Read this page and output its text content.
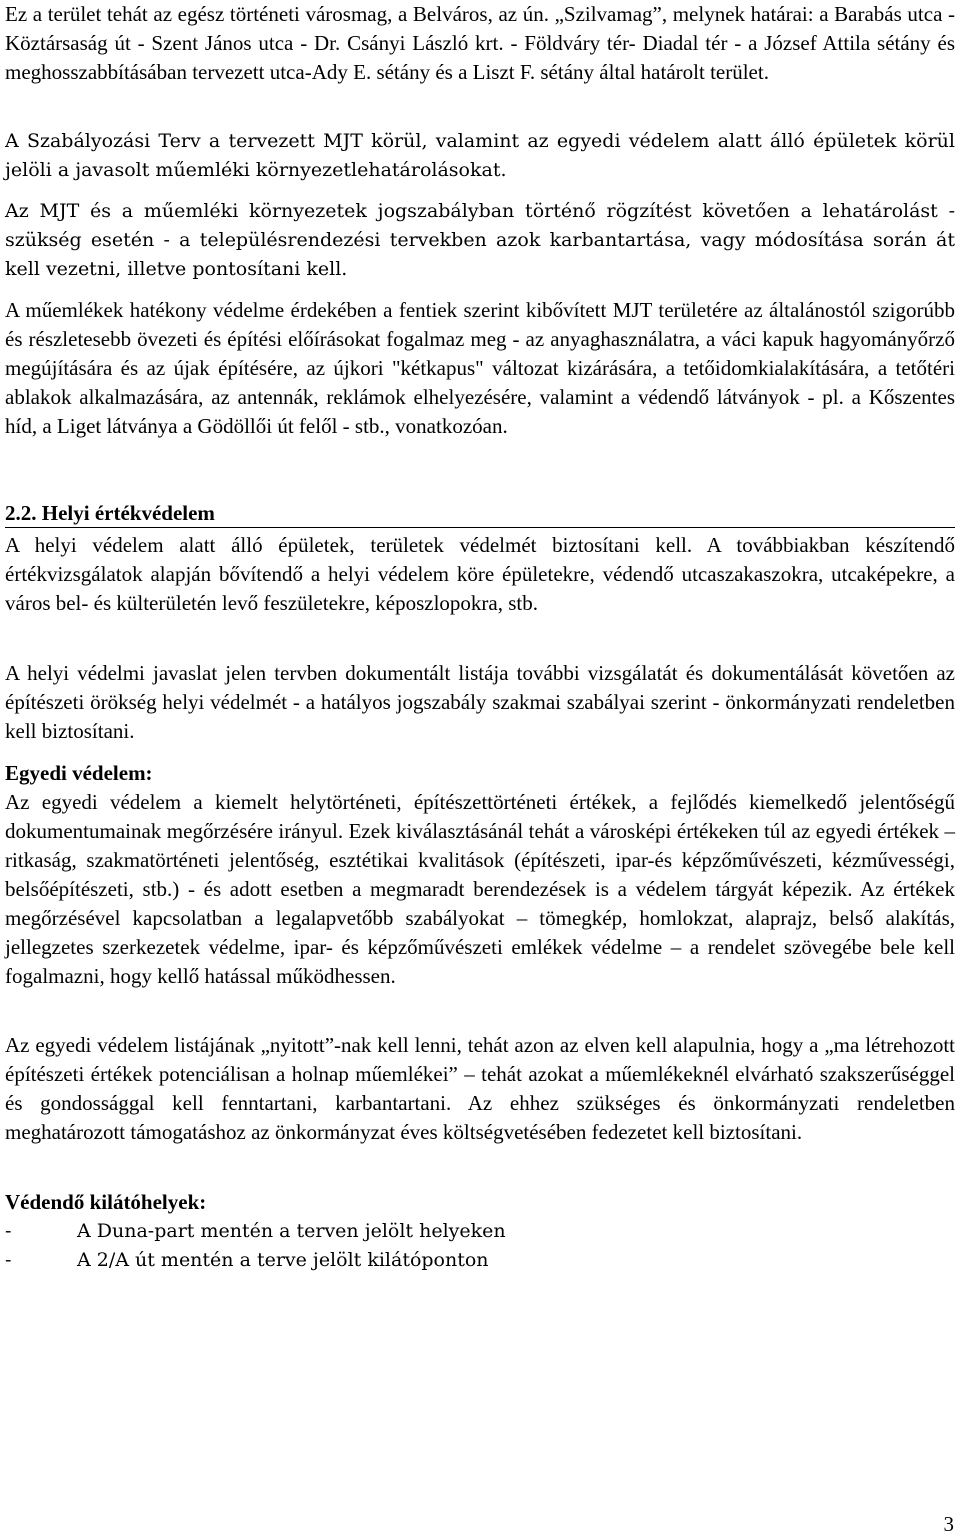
Ez a terület tehát az egész történeti városmag, a Belváros, az ún. „Szilvamag”, melynek határai: a Barabás utca - Köztársaság út - Szent János utca - Dr. Csányi László krt. - Földváry tér- Diadal tér - a József Attila sétány és meghosszabbításában tervezett utca-Ady E. sétány és a Liszt F. sétány által határolt terület.

A Szabályozási Terv a tervezett MJT körül, valamint az egyedi védelem alatt álló épületek körül jelöli a javasolt műemléki környezetlehatárolásokat.

Az MJT és a műemléki környezetek jogszabályban történő rögzítést követően a lehatárolást - szükség esetén - a településrendezési tervekben azok karbantartása, vagy módosítása során át kell vezetni, illetve pontosítani kell.

A műemlékek hatékony védelme érdekében a fentiek szerint kibővített MJT területére az általánostól szigorúbb és részletesebb övezeti és építési előírásokat fogalmaz meg - az anyaghasználatra, a váci kapuk hagyományőrző megújítására és az újak építésére, az újkori "kétkapus" változat kizárására, a tetőidomkialakítására, a tetőtéri ablakok alkalmazására, az antennák, reklámok elhelyezésére, valamint a védendő látványok - pl. a Kőszentes híd, a Liget látványa a Gödöllői út felől - stb., vonatkozóan.

2.2. Helyi értékvédelem

A helyi védelem alatt álló épületek, területek védelmét biztosítani kell. A továbbiakban készítendő értékvizsgálatok alapján bővítendő a helyi védelem köre épületekre, védendő utcaszakaszokra, utcaképekre, a város bel- és külterületén levő feszületekre, képoszlopokra, stb.

A helyi védelmi javaslat jelen tervben dokumentált listája további vizsgálatát és dokumentálását követően az építészeti örökség helyi védelmét - a hatályos jogszabály szakmai szabályai szerint - önkormányzati rendeletben kell biztosítani.

Egyedi védelem:

Az egyedi védelem a kiemelt helytörténeti, építészettörténeti értékek, a fejlődés kiemelkedő jelentőségű dokumentumainak megőrzésére irányul. Ezek kiválasztásánál tehát a városképi értékeken túl az egyedi értékek – ritkaság, szakmatörténeti jelentőség, esztétikai kvalitások (építészeti, ipar-és képzőművészeti, kézművességi, belsőépítészeti, stb.) - és adott esetben a megmaradt berendezések is a védelem tárgyát képezik. Az értékek megőrzésével kapcsolatban a legalapvetőbb szabályokat – tömegkép, homlokzat, alaprajz, belső alakítás, jellegzetes szerkezetek védelme, ipar- és képzőművészeti emlékek védelme – a rendelet szövegébe bele kell fogalmazni, hogy kellő hatással működhessen.

Az egyedi védelem listájának „nyitott”-nak kell lenni, tehát azon az elven kell alapulnia, hogy a „ma létrehozott építészeti értékek potenciálisan a holnap műemlékei” – tehát azokat a műemlékeknél elvárható szakszerűséggel és gondossággal kell fenntartani, karbantartani. Az ehhez szükséges és önkormányzati rendeletben meghatározott támogatáshoz az önkormányzat éves költségvetésében fedezetet kell biztosítani.

Védendő kilátóhelyek:
-	A Duna-part mentén a terven jelölt helyeken
-	A 2/A út mentén a terve jelölt kilátóponton
3
